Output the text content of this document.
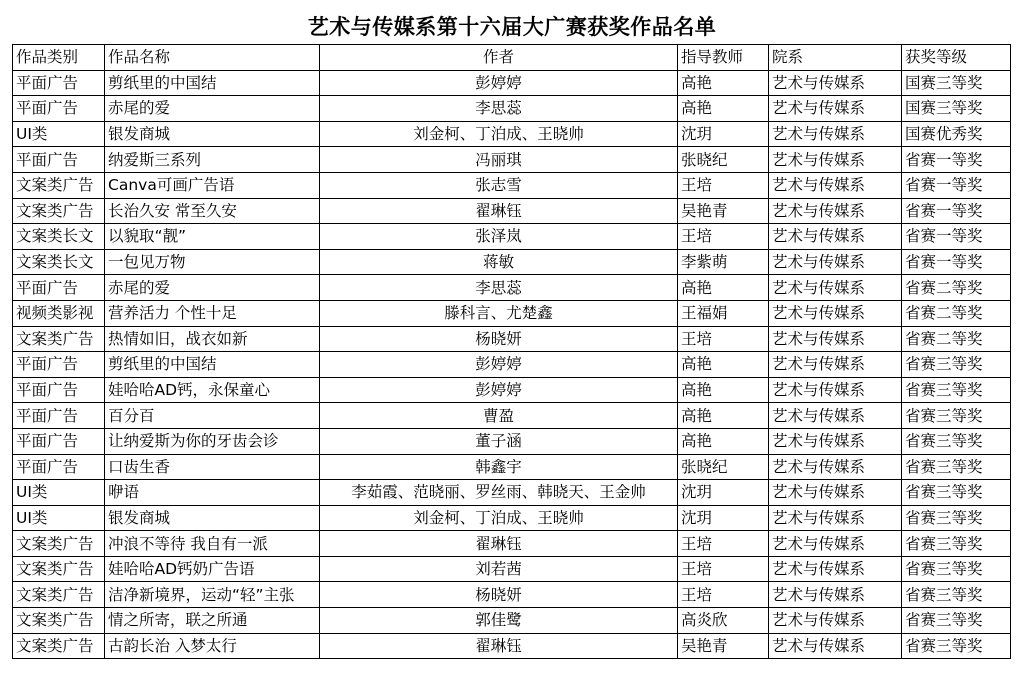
艺术与传媒系第十六届大广赛获奖作品名单
作品类别	作品名称	作者	指导教师	院系	获奖等级
平面广告	剪纸里的中国结	彭婷婷	高艳	艺术与传媒系	国赛三等奖
平面广告	赤尾的爱	李思蕊	高艳	艺术与传媒系	国赛三等奖
UI类	银发商城	刘金柯、丁泊成、王晓帅	沈玥	艺术与传媒系	国赛优秀奖
平面广告	纳爱斯三系列	冯丽琪	张晓纪	艺术与传媒系	省赛一等奖
文案类广告	Canva可画广告语	张志雪	王培	艺术与传媒系	省赛一等奖
文案类广告	长治久安 常至久安	翟琳钰	吴艳青	艺术与传媒系	省赛一等奖
文案类长文	以貌取“靓”	张泽岚	王培	艺术与传媒系	省赛一等奖
文案类长文	一包见万物	蒋敏	李紫萌	艺术与传媒系	省赛一等奖
平面广告	赤尾的爱	李思蕊	高艳	艺术与传媒系	省赛二等奖
视频类影视	营养活力 个性十足	滕科言、尤楚鑫	王福娟	艺术与传媒系	省赛二等奖
文案类广告	热情如旧，战衣如新	杨晓妍	王培	艺术与传媒系	省赛二等奖
平面广告	剪纸里的中国结	彭婷婷	高艳	艺术与传媒系	省赛三等奖
平面广告	娃哈哈AD钙，永保童心	彭婷婷	高艳	艺术与传媒系	省赛三等奖
平面广告	百分百	曹盈	高艳	艺术与传媒系	省赛三等奖
平面广告	让纳爱斯为你的牙齿会诊	董子涵	高艳	艺术与传媒系	省赛三等奖
平面广告	口齿生香	韩鑫宇	张晓纪	艺术与传媒系	省赛三等奖
UI类	咿语	李茹霞、范晓丽、罗丝雨、韩晓天、王金帅	沈玥	艺术与传媒系	省赛三等奖
UI类	银发商城	刘金柯、丁泊成、王晓帅	沈玥	艺术与传媒系	省赛三等奖
文案类广告	冲浪不等待 我自有一派	翟琳钰	王培	艺术与传媒系	省赛三等奖
文案类广告	娃哈哈AD钙奶广告语	刘若茜	王培	艺术与传媒系	省赛三等奖
文案类广告	洁净新境界，运动“轻”主张	杨晓妍	王培	艺术与传媒系	省赛三等奖
文案类广告	情之所寄，联之所通	郭佳鹭	高炎欣	艺术与传媒系	省赛三等奖
文案类广告	古韵长治 入梦太行	翟琳钰	吴艳青	艺术与传媒系	省赛三等奖
